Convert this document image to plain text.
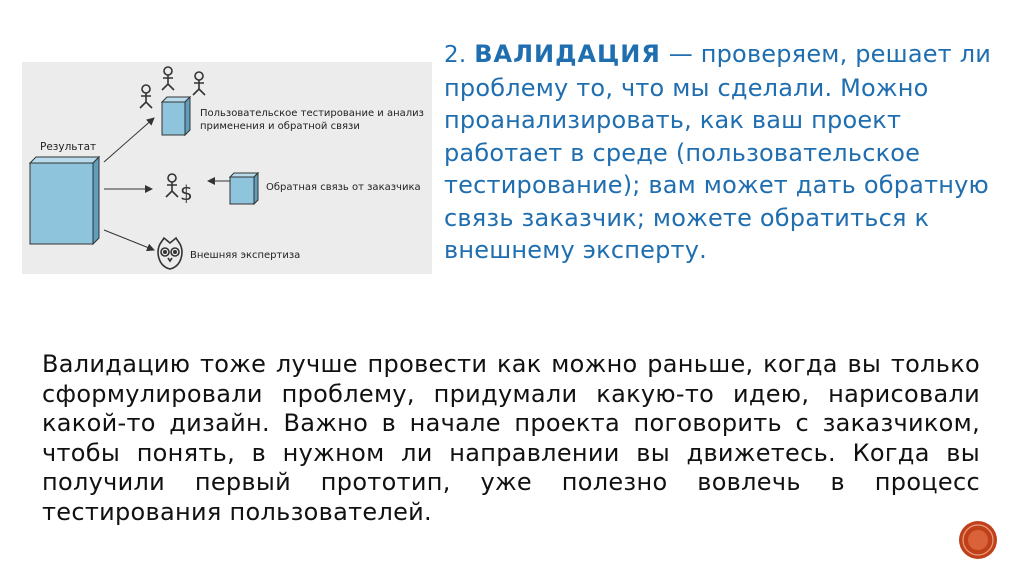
Результат
Пользовательское тестирование и анализ
применения и обратной связи
$	Обратная связь от заказчика
Внешняя экспертиза
2. ВАЛИДАЦИЯ — проверяем, решает ли проблему то, что мы сделали. Можно проанализировать, как ваш проект работает в среде (пользовательское тестирование); вам может дать обратную связь заказчик; можете обратиться к внешнему эксперту.
Валидацию тоже лучше провести как можно раньше, когда вы только сформулировали проблему, придумали какую-то идею, нарисовали какой-то дизайн. Важно в начале проекта поговорить с заказчиком, чтобы понять, в нужном ли направлении вы движетесь. Когда вы получили первый прототип, уже полезно вовлечь в процесс тестирования пользователей.
